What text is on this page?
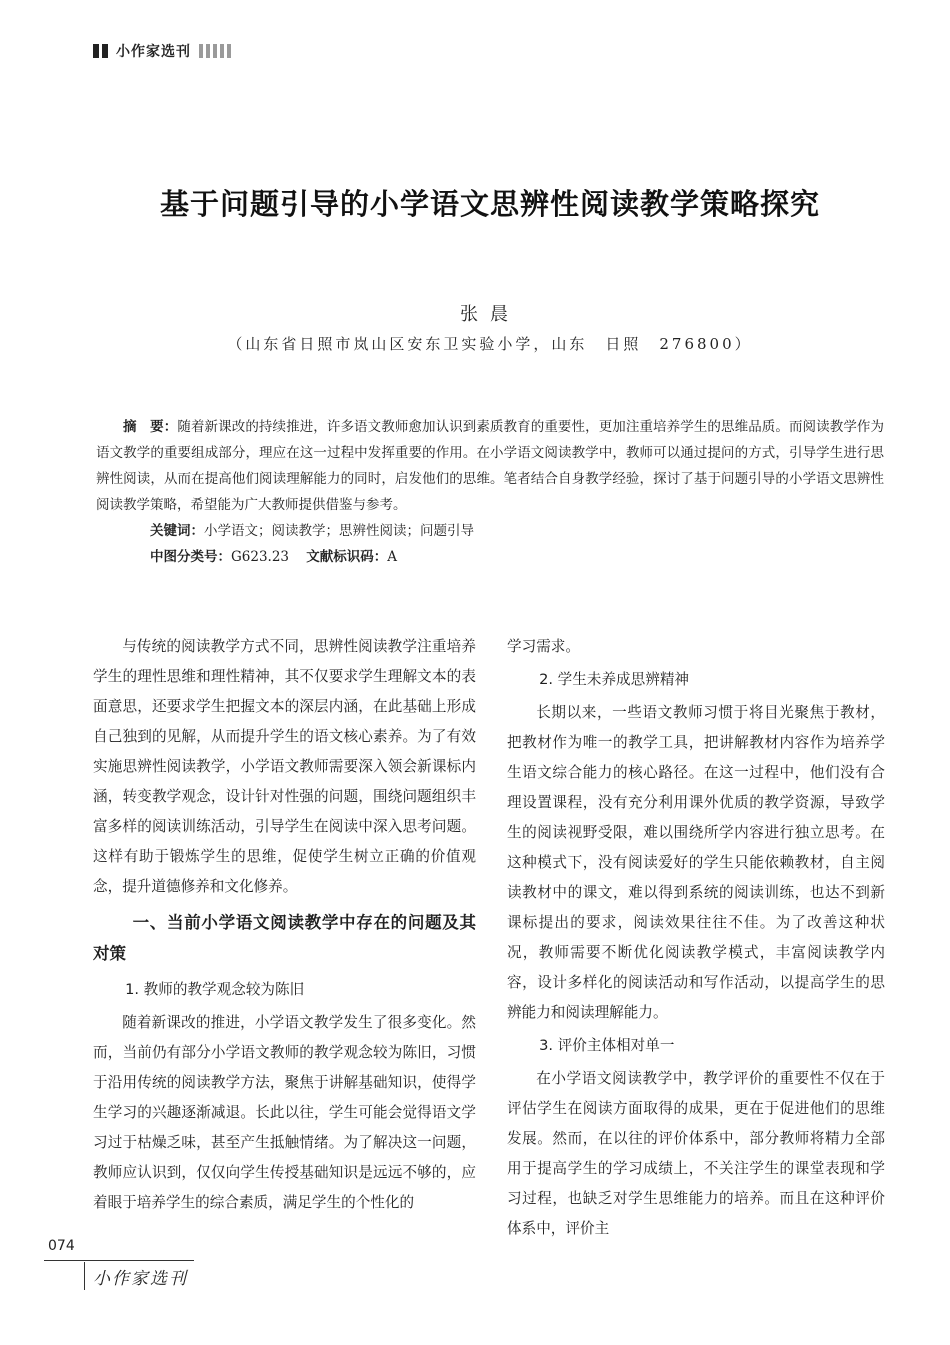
小作家选刊
基于问题引导的小学语文思辨性阅读教学策略探究
张晨
（山东省日照市岚山区安东卫实验小学，山东　日照　276800）

摘　要：随着新课改的持续推进，许多语文教师愈加认识到素质教育的重要性，更加注重培养学生的思维品质。而阅读教学作为语文教学的重要组成部分，理应在这一过程中发挥重要的作用。在小学语文阅读教学中，教师可以通过提问的方式，引导学生进行思辨性阅读，从而在提高他们阅读理解能力的同时，启发他们的思维。笔者结合自身教学经验，探讨了基于问题引导的小学语文思辨性阅读教学策略，希望能为广大教师提供借鉴与参考。

关键词：小学语文；阅读教学；思辨性阅读；问题引导

中图分类号：G623.23 文献标识码：A

与传统的阅读教学方式不同，思辨性阅读教学注重培养学生的理性思维和理性精神，其不仅要求学生理解文本的表面意思，还要求学生把握文本的深层内涵，在此基础上形成自己独到的见解，从而提升学生的语文核心素养。为了有效实施思辨性阅读教学，小学语文教师需要深入领会新课标内涵，转变教学观念，设计针对性强的问题，围绕问题组织丰富多样的阅读训练活动，引导学生在阅读中深入思考问题。这样有助于锻炼学生的思维，促使学生树立正确的价值观念，提升道德修养和文化修养。

一、当前小学语文阅读教学中存在的问题及其对策
1. 教师的教学观念较为陈旧

随着新课改的推进，小学语文教学发生了很多变化。然而，当前仍有部分小学语文教师的教学观念较为陈旧，习惯于沿用传统的阅读教学方法，聚焦于讲解基础知识，使得学生学习的兴趣逐渐减退。长此以往，学生可能会觉得语文学习过于枯燥乏味，甚至产生抵触情绪。为了解决这一问题，教师应认识到，仅仅向学生传授基础知识是远远不够的，应着眼于培养学生的综合素质，满足学生的个性化的

学习需求。

2. 学生未养成思辨精神

长期以来，一些语文教师习惯于将目光聚焦于教材，把教材作为唯一的教学工具，把讲解教材内容作为培养学生语文综合能力的核心路径。在这一过程中，他们没有合理设置课程，没有充分利用课外优质的教学资源，导致学生的阅读视野受限，难以围绕所学内容进行独立思考。在这种模式下，没有阅读爱好的学生只能依赖教材，自主阅读教材中的课文，难以得到系统的阅读训练，也达不到新课标提出的要求，阅读效果往往不佳。为了改善这种状况，教师需要不断优化阅读教学模式，丰富阅读教学内容，设计多样化的阅读活动和写作活动，以提高学生的思辨能力和阅读理解能力。

3. 评价主体相对单一

在小学语文阅读教学中，教学评价的重要性不仅在于评估学生在阅读方面取得的成果，更在于促进他们的思维发展。然而，在以往的评价体系中，部分教师将精力全部用于提高学生的学习成绩上，不关注学生的课堂表现和学习过程，也缺乏对学生思维能力的培养。而且在这种评价体系中，评价主

074
小作家选刊
